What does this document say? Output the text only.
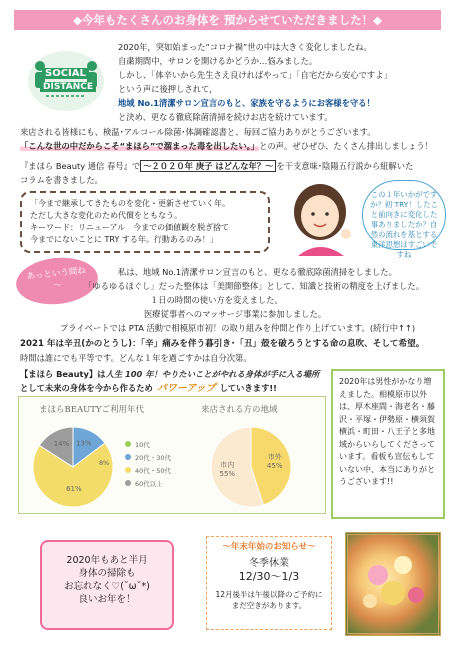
◆今年もたくさんのお身体を 預からせていただきました！◆
SOCIAL
DISTANCE
2020年，突如始まった“コロナ禍”世の中は大きく変化しましたね。
自粛期間中，サロンを開けるかどうか…悩みました。
しかし、「体辛いから先生さえ良ければやって」「自宅だから安心ですよ」
という声に後押しされて，
地域 No.1清潔サロン宣言のもと、家族を守るようにお客様を守る！
と決め、更なる徹底除菌清掃を続けお店を続けています。
来店される皆様にも、検温･アルコール除菌･体調確認書と、毎回ご協力ありがとうございます。
「こんな世の中だからこそ“まほら”で溜まった毒を出したい。」との声。ぜひぜひ、たくさん排出しましょう！
『まほら Beauty 通信 春号』で ～２０２０年 庚子 はどんな年？～ を干支意味･陰陽五行説から紐解いた
コラムを書きました。
「今まで継承してきたものを変化・更新させていく年。
ただし大きな変化のため代償をともなう。
キーワード：リニューアル　今までの価値観を脱ぎ捨て
今までにないことに TRY する年。行動あるのみ！」
この１年いかがですか？初 TRY！したこと前向きに変化した事ありましたか？自然の流れを基とする東洋思想はすごいですね
あっという間ね～
私は、地域 No.1清潔サロン宣言のもと、更なる徹底除菌清掃をしました。
「ゆるゆるほぐし」だった整体は「美開節整体」として、知識と技術の精度を上げました。
１日の時間の使い方を変えました。
医療従事者へのマッサージ事業に参加しました。
プライベートでは PTA 活動で相模原市初！の取り組みを仲間と作り上げています。(続行中↑↑)
2021 年は辛丑(かのとうし)：「辛」痛みを伴う暮引き･「丑」殻を破ろうとする命の息吹、そして希望。
時間は誰にでも平等です。どんな１年を過ごすかは自分次第。
【まほら Beauty】は人生 100 年！やりたいことがやれる身体が手に入る場所
として未来の身体を今から作るため パワーアップ していきます!!
まほらBEAUTYご利用年代	来店される方の地域
13%
61%
14%
8%
10代
20代・30代
40代・50代
60代以上
市外
45%
市内
55%
2020年は男性がかなり増えました。相模原市以外は、厚木座間・海老名・藤沢・平塚・伊勢原・横須賀横浜・町田・八王子と多地域からいらしてくださっています。看板も宣伝もしていない中、本当にありがとうございます!!
2020年もあと半月
身体の掃除も
お忘れなく♡(˘ω˘*)
良いお年を！
～年末年始のお知らせ～
冬季休業
12/30～1/3
12月後半は午後以降のご予約に
まだ空きがあります。
